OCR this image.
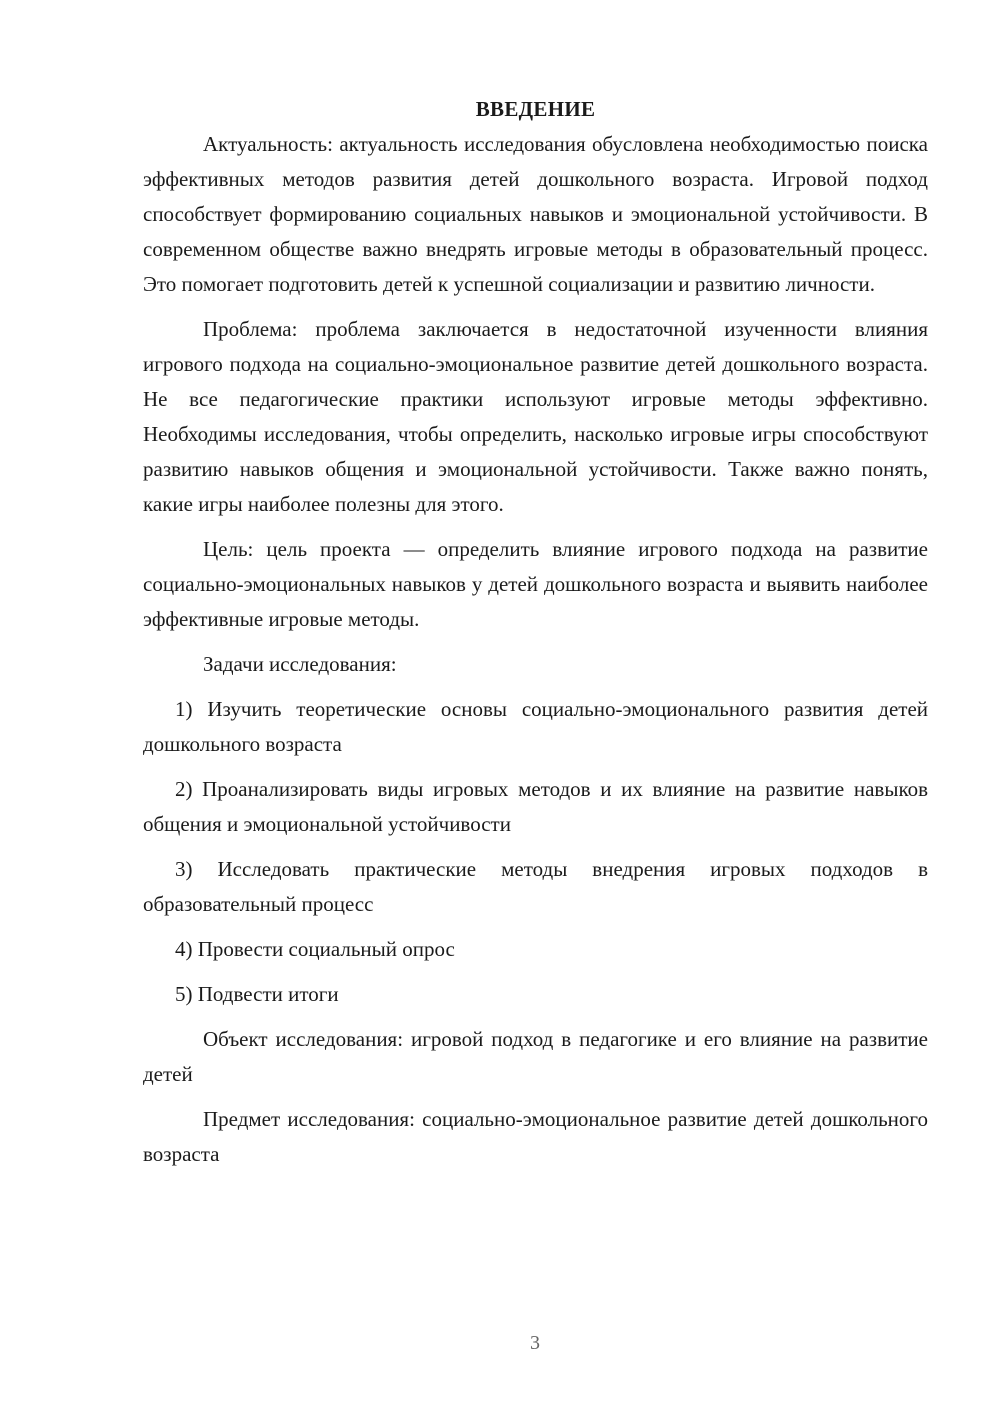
ВВЕДЕНИЕ

Актуальность: актуальность исследования обусловлена необходимостью поиска эффективных методов развития детей дошкольного возраста. Игровой подход способствует формированию социальных навыков и эмоциональной устойчивости. В современном обществе важно внедрять игровые методы в образовательный процесс. Это помогает подготовить детей к успешной социализации и развитию личности.

Проблема: проблема заключается в недостаточной изученности влияния игрового подхода на социально-эмоциональное развитие детей дошкольного возраста. Не все педагогические практики используют игровые методы эффективно. Необходимы исследования, чтобы определить, насколько игровые игры способствуют развитию навыков общения и эмоциональной устойчивости. Также важно понять, какие игры наиболее полезны для этого.

Цель: цель проекта — определить влияние игрового подхода на развитие социально-эмоциональных навыков у детей дошкольного возраста и выявить наиболее эффективные игровые методы.

Задачи исследования:

1) Изучить теоретические основы социально-эмоционального развития детей дошкольного возраста

2) Проанализировать виды игровых методов и их влияние на развитие навыков общения и эмоциональной устойчивости

3) Исследовать практические методы внедрения игровых подходов в образовательный процесс

4) Провести социальный опрос

5) Подвести итоги

Объект исследования: игровой подход в педагогике и его влияние на развитие детей

Предмет исследования: социально-эмоциональное развитие детей дошкольного возраста

3
